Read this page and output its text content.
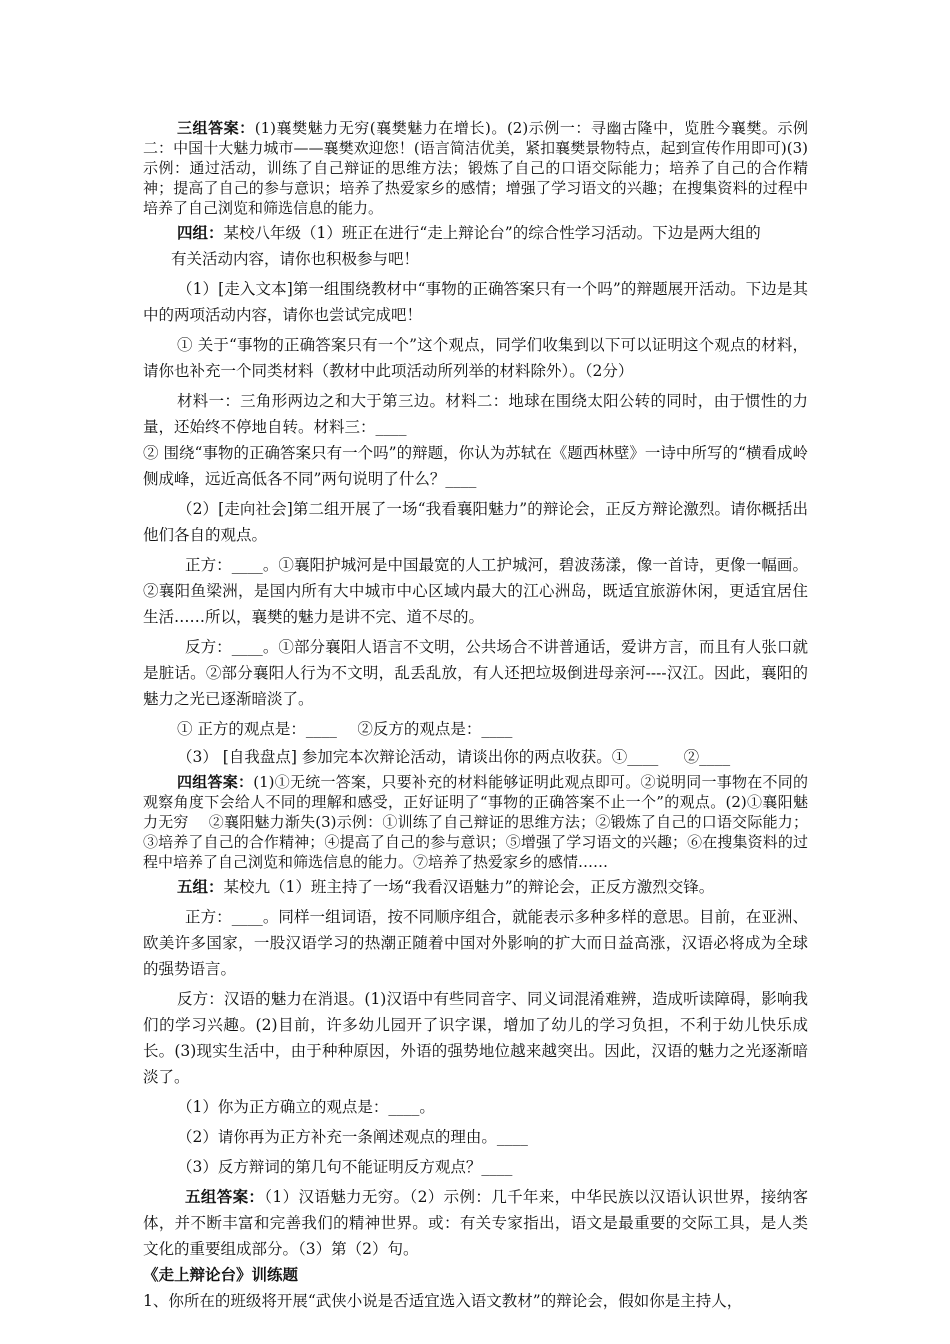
三组答案：(1)襄樊魅力无穷(襄樊魅力在增长)。(2)示例一：寻幽古隆中，览胜今襄樊。示例二：中国十大魅力城市——襄樊欢迎您！(语言简洁优美，紧扣襄樊景物特点，起到宣传作用即可)(3)示例：通过活动，训练了自己辩证的思维方法；锻炼了自己的口语交际能力；培养了自己的合作精神；提高了自己的参与意识；培养了热爱家乡的感情；增强了学习语文的兴趣；在搜集资料的过程中培养了自己浏览和筛选信息的能力。

四组：某校八年级（1）班正在进行“走上辩论台”的综合性学习活动。下边是两大组的

有关活动内容，请你也积极参与吧！

（1）[走入文本]第一组围绕教材中“事物的正确答案只有一个吗”的辩题展开活动。下边是其中的两项活动内容，请你也尝试完成吧！

① 关于“事物的正确答案只有一个”这个观点，同学们收集到以下可以证明这个观点的材料，请你也补充一个同类材料（教材中此项活动所列举的材料除外）。（2分）

材料一：三角形两边之和大于第三边。材料二：地球在围绕太阳公转的同时，由于惯性的力量，还始终不停地自转。材料三：____

② 围绕“事物的正确答案只有一个吗”的辩题，你认为苏轼在《题西林壁》一诗中所写的“横看成岭侧成峰，远近高低各不同”两句说明了什么？____

（2）[走向社会]第二组开展了一场“我看襄阳魅力”的辩论会，正反方辩论激烈。请你概括出他们各自的观点。

正方：____。①襄阳护城河是中国最宽的人工护城河，碧波荡漾，像一首诗，更像一幅画。②襄阳鱼梁洲，是国内所有大中城市中心区域内最大的江心洲岛，既适宜旅游休闲，更适宜居住生活……所以，襄樊的魅力是讲不完、道不尽的。

反方：____。①部分襄阳人语言不文明，公共场合不讲普通话，爱讲方言，而且有人张口就是脏话。②部分襄阳人行为不文明，乱丢乱放，有人还把垃圾倒进母亲河----汉江。因此，襄阳的魅力之光已逐渐暗淡了。

① 正方的观点是：____ 　②反方的观点是：____

（3） [自我盘点] 参加完本次辩论活动，请谈出你的两点收获。①____ 　 ②____

四组答案：(1)①无统一答案，只要补充的材料能够证明此观点即可。②说明同一事物在不同的观察角度下会给人不同的理解和感受，正好证明了“事物的正确答案不止一个”的观点。(2)①襄阳魅力无穷 　②襄阳魅力渐失(3)示例：①训练了自己辩证的思维方法；②锻炼了自己的口语交际能力；③培养了自己的合作精神；④提高了自己的参与意识；⑤增强了学习语文的兴趣；⑥在搜集资料的过程中培养了自己浏览和筛选信息的能力。⑦培养了热爱家乡的感情……

五组：某校九（1）班主持了一场“我看汉语魅力”的辩论会，正反方激烈交锋。

正方：____。同样一组词语，按不同顺序组合，就能表示多种多样的意思。目前，在亚洲、欧美许多国家，一股汉语学习的热潮正随着中国对外影响的扩大而日益高涨，汉语必将成为全球的强势语言。

反方：汉语的魅力在消退。(1)汉语中有些同音字、同义词混淆难辨，造成听读障碍，影响我们的学习兴趣。(2)目前，许多幼儿园开了识字课，增加了幼儿的学习负担，不利于幼儿快乐成长。(3)现实生活中，由于种种原因，外语的强势地位越来越突出。因此，汉语的魅力之光逐渐暗淡了。

（1）你为正方确立的观点是：____。

（2）请你再为正方补充一条阐述观点的理由。____

（3）反方辩词的第几句不能证明反方观点？____

五组答案：（1）汉语魅力无穷。（2）示例：几千年来，中华民族以汉语认识世界，接纳客体，并不断丰富和完善我们的精神世界。或：有关专家指出，语文是最重要的交际工具，是人类文化的重要组成部分。（3）第（2）句。

《走上辩论台》训练题

1、你所在的班级将开展“武侠小说是否适宜选入语文教材”的辩论会，假如你是主持人，
